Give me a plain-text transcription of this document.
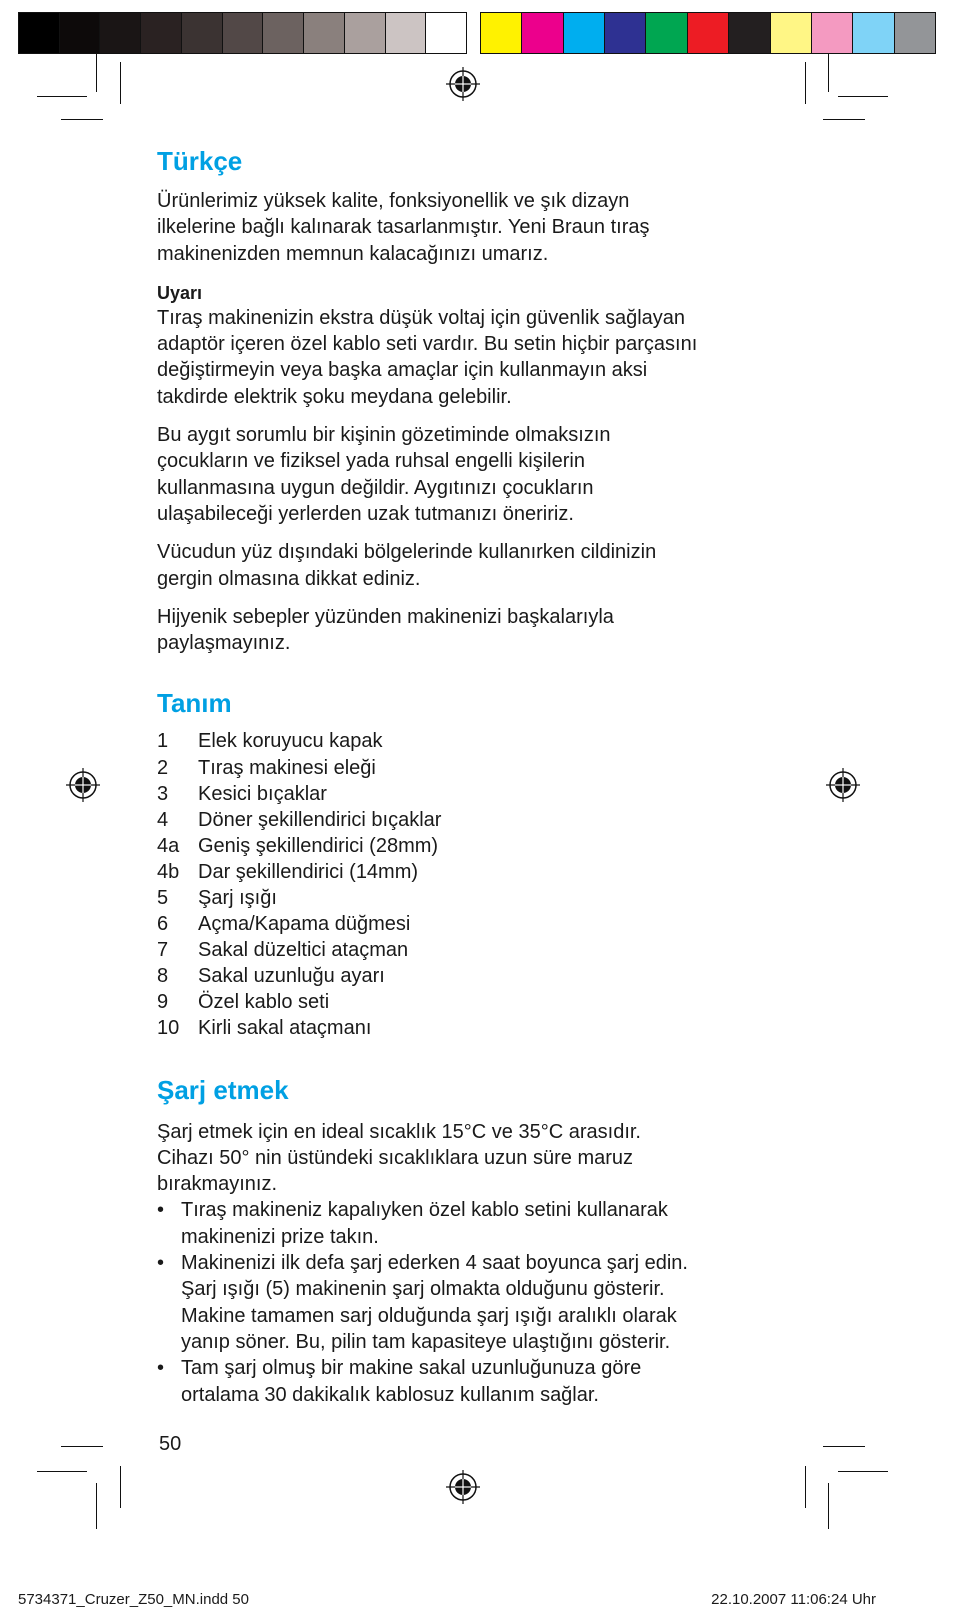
Türkçe

Ürünlerimiz yüksek kalite, fonksiyonellik ve şık dizayn
ilkelerine bağlı kalınarak tasarlanmıştır. Yeni Braun tıraş
makinenizden memnun kalacağınızı umarız.

Uyarı

Tıraş makinenizin ekstra düşük voltaj için güvenlik sağlayan
adaptör içeren özel kablo seti vardır. Bu setin hiçbir parçasını
değiştirmeyin veya başka amaçlar için kullanmayın aksi
takdirde elektrik şoku meydana gelebilir.

Bu aygıt sorumlu bir kişinin gözetiminde olmaksızın
çocukların ve fiziksel yada ruhsal engelli kişilerin
kullanmasına uygun değildir. Aygıtınızı çocukların
ulaşabileceği yerlerden uzak tutmanızı öneririz.

Vücudun yüz dışındaki bölgelerinde kullanırken cildinizin
gergin olmasına dikkat ediniz.

Hijyenik sebepler yüzünden makinenizi başkalarıyla
paylaşmayınız.

Tanım
1	Elek koruyucu kapak
2	Tıraş makinesi eleği
3	Kesici bıçaklar
4	Döner şekillendirici bıçaklar
4a Geniş şekillendirici (28mm)
4b Dar şekillendirici (14mm)
5	Şarj ışığı
6	Açma/Kapama düğmesi
7	Sakal düzeltici ataçman
8	Sakal uzunluğu ayarı
9	Özel kablo seti
10 Kirli sakal ataçmanı
Şarj etmek

Şarj etmek için en ideal sıcaklık 15°C ve 35°C arasıdır.
Cihazı 50° nin üstündeki sıcaklıklara uzun süre maruz
bırakmayınız.

• Tıraş makineniz kapalıyken özel kablo setini kullanarak
makinenizi prize takın.
• Makinenizi ilk defa şarj ederken 4 saat boyunca şarj edin.
Şarj ışığı (5) makinenin şarj olmakta olduğunu gösterir.
Makine tamamen sarj olduğunda şarj ışığı aralıklı olarak
yanıp söner. Bu, pilin tam kapasiteye ulaştığını gösterir.
• Tam şarj olmuş bir makine sakal uzunluğunuza göre
ortalama 30 dakikalık kablosuz kullanım sağlar.
50
5734371_Cruzer_Z50_MN.indd 50	22.10.2007 11:06:24 Uhr
